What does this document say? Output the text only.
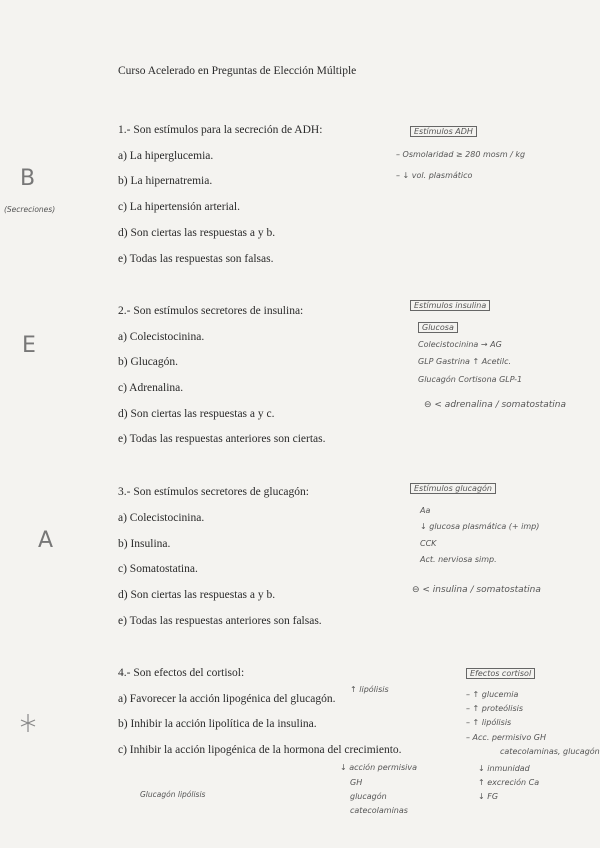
Curso Acelerado en Preguntas de Elección Múltiple
1.- Son estímulos para la secreción de ADH:
a) La hiperglucemia.
b) La hipernatremia.
c) La hipertensión arterial.
d) Son ciertas las respuestas a y b.
e) Todas las respuestas son falsas.
2.- Son estímulos secretores de insulina:
a) Colecistocinina.
b) Glucagón.
c) Adrenalina.
d) Son ciertas las respuestas a y c.
e) Todas las respuestas anteriores son ciertas.
3.- Son estímulos secretores de glucagón:
a) Colecistocinina.
b) Insulina.
c) Somatostatina.
d) Son ciertas las respuestas a y b.
e) Todas las respuestas anteriores son falsas.
4.- Son efectos del cortisol:
a) Favorecer la acción lipogénica del glucagón.
b) Inhibir la acción lipolítica de la insulina.
c) Inhibir la acción lipogénica de la hormona del crecimiento.
B
(Secreciones)
E
A
Estímulos ADH
– Osmolaridad ≥ 280 mosm / kg
– ↓ vol. plasmático
Estímulos insulina
Glucosa
Colecistocinina → AG
GLP Gastrina ↑ Acetilc.
Glucagón Cortisona GLP-1
⊖ < adrenalina / somatostatina
Estímulos glucagón
Aa
↓ glucosa plasmática (+ imp)
CCK
Act. nerviosa simp.
⊖ < insulina / somatostatina
Efectos cortisol
– ↑ glucemia
– ↑ proteólisis
– ↑ lipólisis
– Acc. permisivo GH
catecolaminas, glucagón
↓ inmunidad
↑ excreción Ca
↓ FG
↑ lipólisis
Glucagón lipólisis
↓ acción permisiva
GH
glucagón
catecolaminas
